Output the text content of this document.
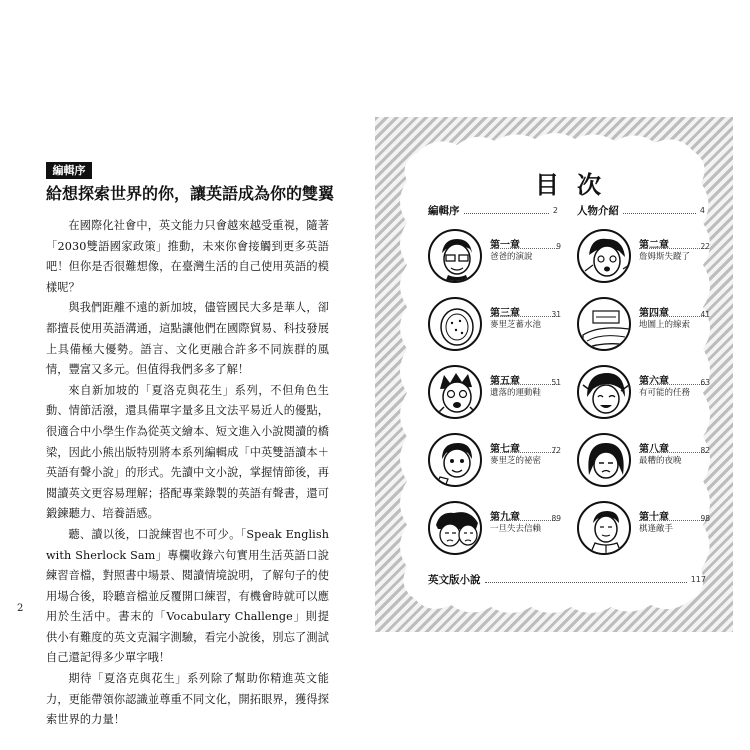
編輯序
給想探索世界的你，讓英語成為你的雙翼

在國際化社會中，英文能力只會越來越受重視，隨著「2030雙語國家政策」推動，未來你會接觸到更多英語吧！但你是否很難想像，在臺灣生活的自己使用英語的模樣呢？

與我們距離不遠的新加坡，儘管國民大多是華人，卻都擅長使用英語溝通，這點讓他們在國際貿易、科技發展上具備極大優勢。語言、文化更融合許多不同族群的風情，豐富又多元。但值得我們多多了解！

來自新加坡的「夏洛克與花生」系列，不但角色生動、情節活潑，還具備單字量多且文法平易近人的優點，很適合中小學生作為從英文繪本、短文進入小說閱讀的橋梁，因此小熊出版特別將本系列編輯成「中英雙語讀本＋英語有聲小說」的形式。先讀中文小說，掌握情節後，再閱讀英文更容易理解；搭配專業錄製的英語有聲書，還可鍛鍊聽力、培養語感。

聽、讀以後，口說練習也不可少。「Speak English with Sherlock Sam」專欄收錄六句實用生活英語口說練習音檔，對照書中場景、閱讀情境說明，了解句子的使用場合後，聆聽音檔並反覆開口練習，有機會時就可以應用於生活中。書末的「Vocabulary Challenge」則提供小有難度的英文克漏字測驗，看完小說後，別忘了測試自己還記得多少單字哦！

期待「夏洛克與花生」系列除了幫助你精進英文能力，更能帶領你認識並尊重不同文化，開拓眼界，獲得探索世界的力量！

2
目次
編輯序	2 人物介紹	4
第一章	9
爸爸的演說
第二章	22
詹姆斯失蹤了
第三章	31
麥里芝蓄水池
第四章	41
地圖上的線索
第五章	51
遺落的運動鞋
第六章	63
有可能的任務
第七章	72
麥里芝的祕密
第八章	82
最糟的夜晚
第九章	89
一旦失去信賴
第十章	98
棋逢敵手
英文版小說	117
